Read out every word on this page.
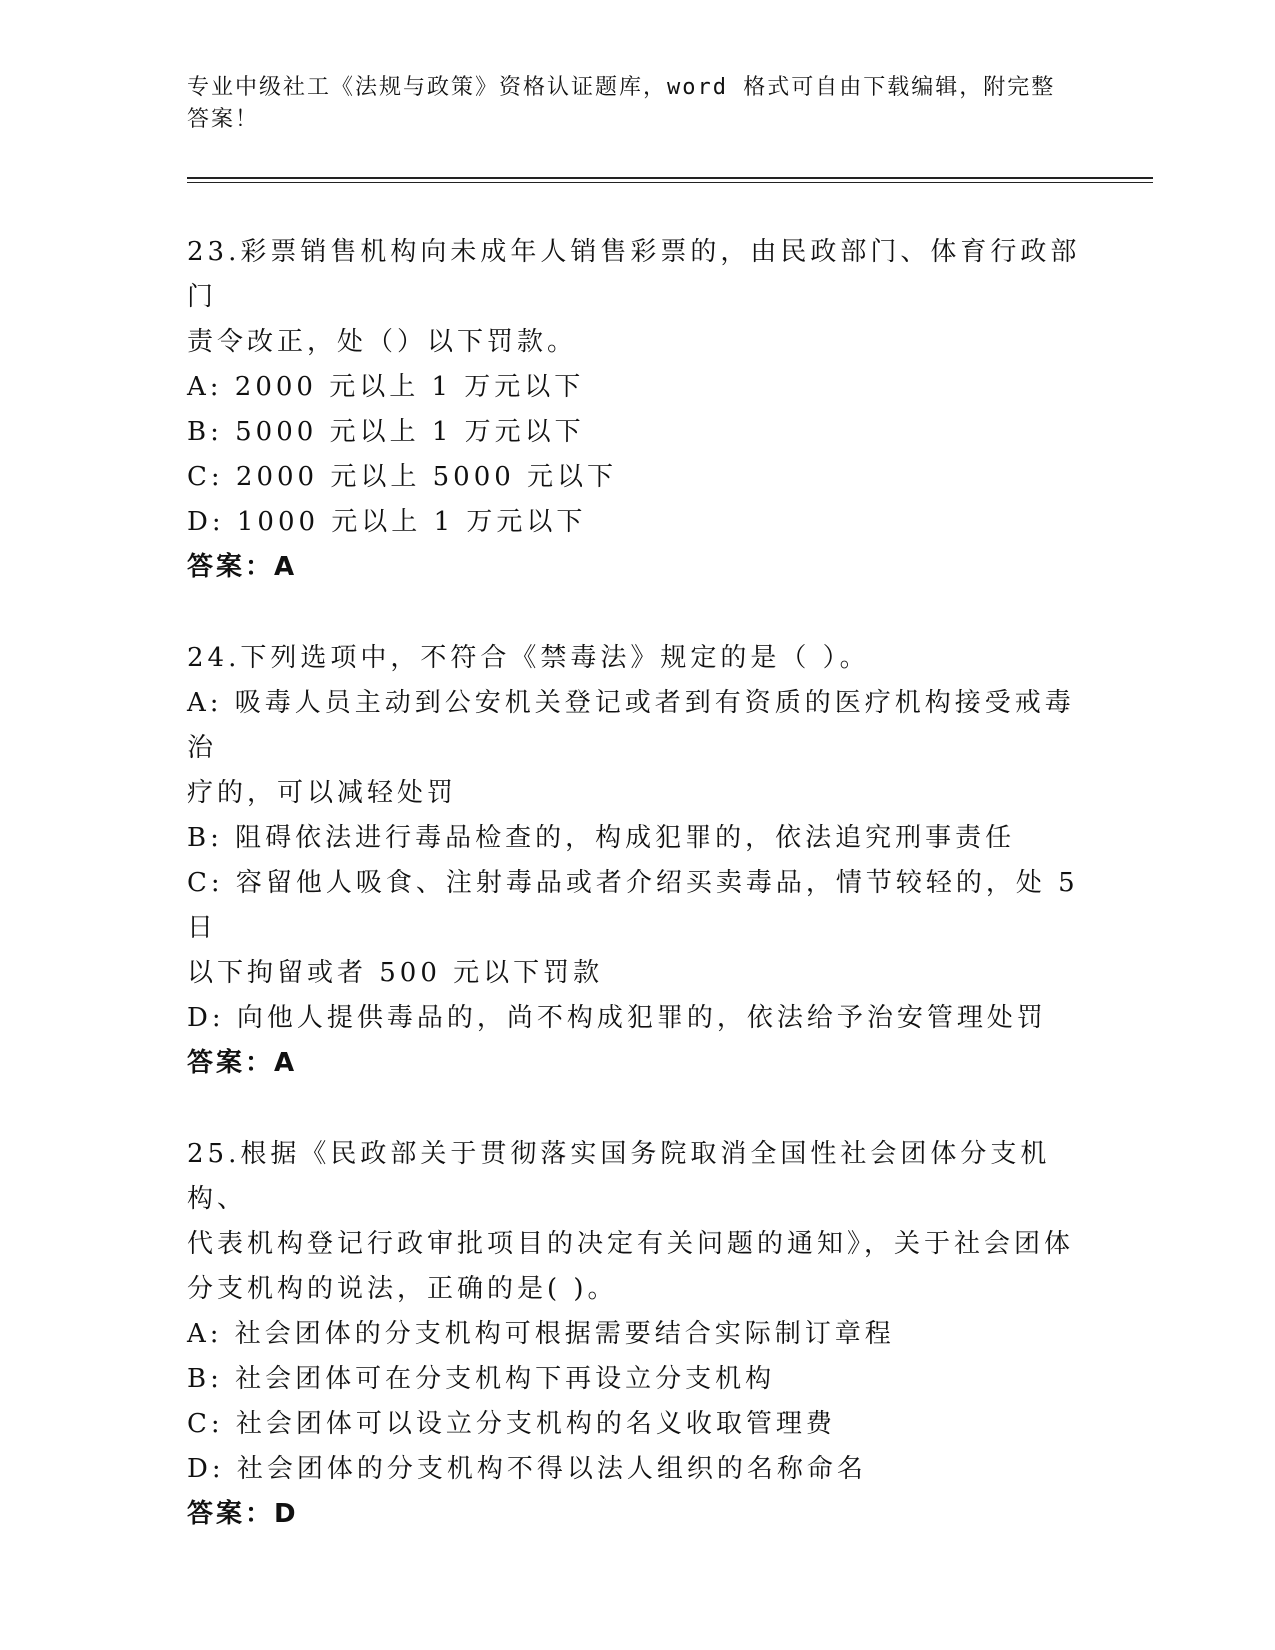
专业中级社工《法规与政策》资格认证题库，word 格式可自由下载编辑，附完整
答案！

23.彩票销售机构向未成年人销售彩票的，由民政部门、体育行政部门

责令改正，处（）以下罚款。

A: 2000 元以上 1 万元以下

B: 5000 元以上 1 万元以下

C: 2000 元以上 5000 元以下

D: 1000 元以上 1 万元以下

答案：A

24.下列选项中，不符合《禁毒法》规定的是（ ）。

A: 吸毒人员主动到公安机关登记或者到有资质的医疗机构接受戒毒治

疗的，可以减轻处罚

B: 阻碍依法进行毒品检查的，构成犯罪的，依法追究刑事责任

C: 容留他人吸食、注射毒品或者介绍买卖毒品，情节较轻的，处 5 日

以下拘留或者 500 元以下罚款

D: 向他人提供毒品的，尚不构成犯罪的，依法给予治安管理处罚

答案：A

25.根据《民政部关于贯彻落实国务院取消全国性社会团体分支机构、

代表机构登记行政审批项目的决定有关问题的通知》，关于社会团体

分支机构的说法，正确的是( )。

A: 社会团体的分支机构可根据需要结合实际制订章程

B: 社会团体可在分支机构下再设立分支机构

C: 社会团体可以设立分支机构的名义收取管理费

D: 社会团体的分支机构不得以法人组织的名称命名

答案：D
